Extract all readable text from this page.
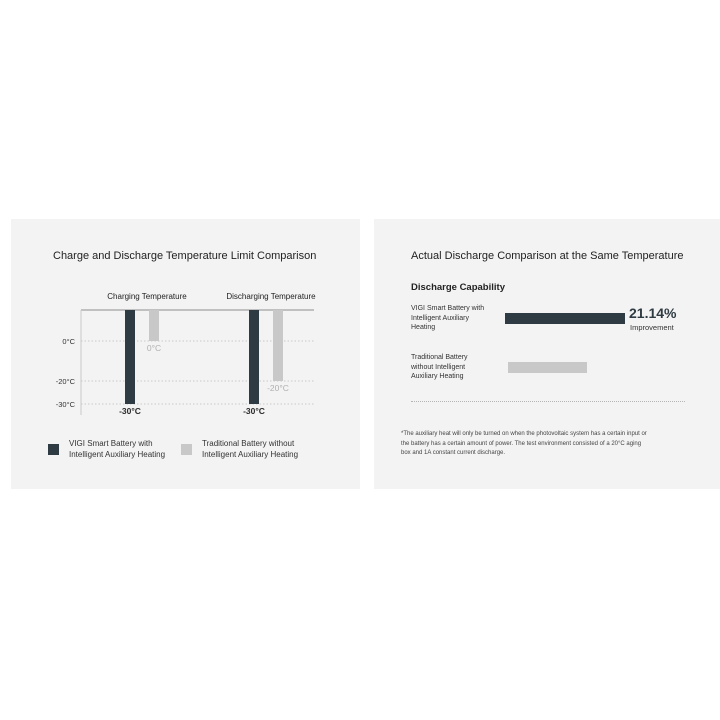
Charge and Discharge Temperature Limit Comparison
0°C
-20°C
-30°C
Charging Temperature	Discharging Temperature
-30°C	-30°C
0°C
-20°C
VIGI Smart Battery with
Intelligent Auxiliary Heating
Traditional Battery without
Intelligent Auxiliary Heating
Actual Discharge Comparison at the Same Temperature
Discharge Capability
VIGI Smart Battery with
Intelligent Auxiliary
Heating
21.14%
Improvement
Traditional Battery
without Intelligent
Auxiliary Heating
*The auxiliary heat will only be turned on when the photovoltaic system has a certain input or
the battery has a certain amount of power. The test environment consisted of a 20°C aging
box and 1A constant current discharge.
